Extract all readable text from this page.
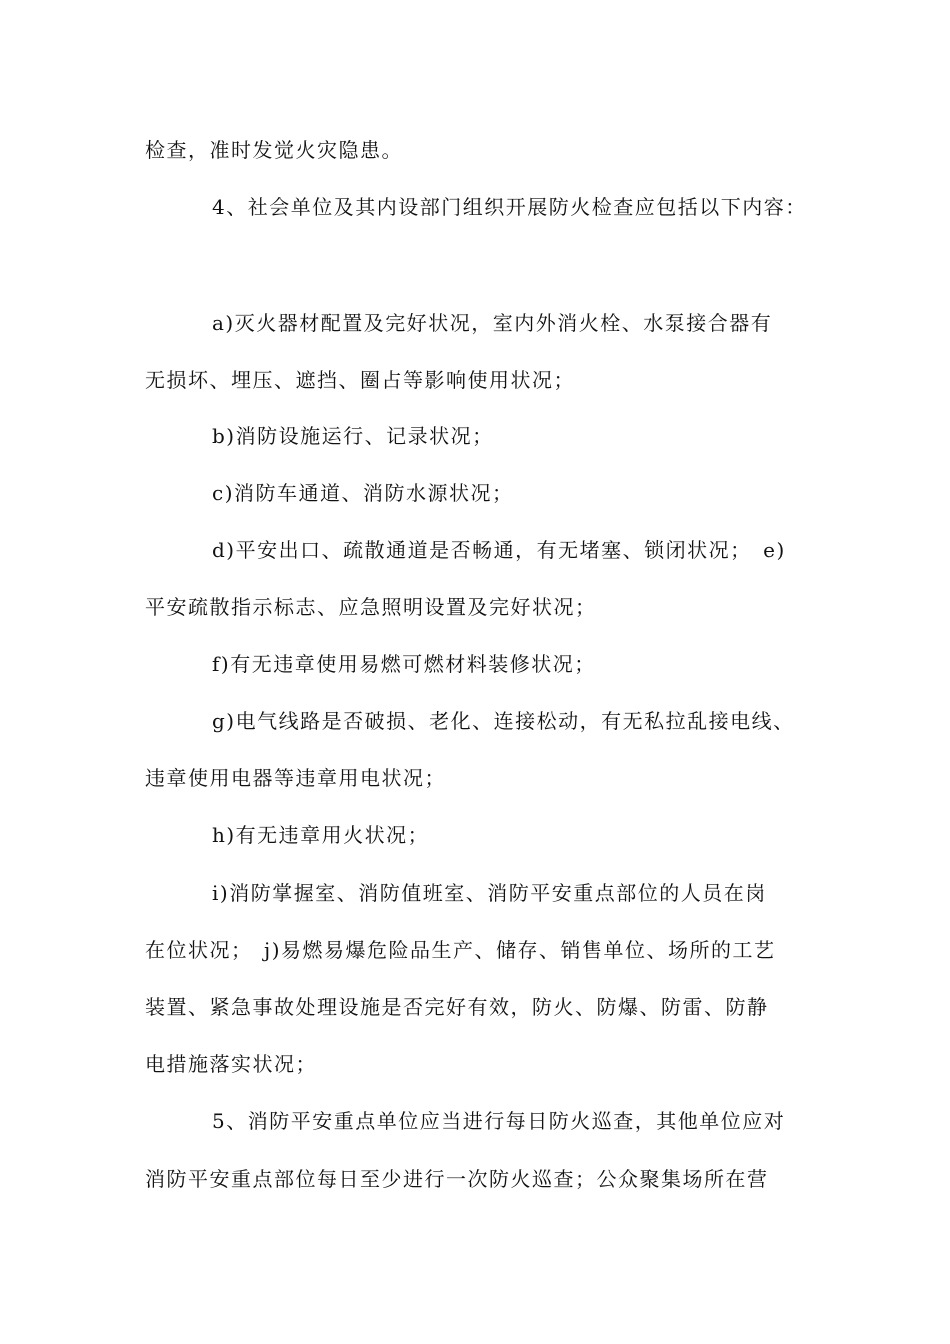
检查，准时发觉火灾隐患。
4、社会单位及其内设部门组织开展防火检查应包括以下内容：
a)灭火器材配置及完好状况，室内外消火栓、水泵接合器有
无损坏、埋压、遮挡、圈占等影响使用状况；
b)消防设施运行、记录状况；
c)消防车通道、消防水源状况；
d)平安出口、疏散通道是否畅通，有无堵塞、锁闭状况；　e)
平安疏散指示标志、应急照明设置及完好状况；
f)有无违章使用易燃可燃材料装修状况；
g)电气线路是否破损、老化、连接松动，有无私拉乱接电线、
违章使用电器等违章用电状况；
h)有无违章用火状况；
i)消防掌握室、消防值班室、消防平安重点部位的人员在岗
在位状况；　j)易燃易爆危险品生产、储存、销售单位、场所的工艺
装置、紧急事故处理设施是否完好有效，防火、防爆、防雷、防静
电措施落实状况；
5、消防平安重点单位应当进行每日防火巡查，其他单位应对
消防平安重点部位每日至少进行一次防火巡查；公众聚集场所在营
